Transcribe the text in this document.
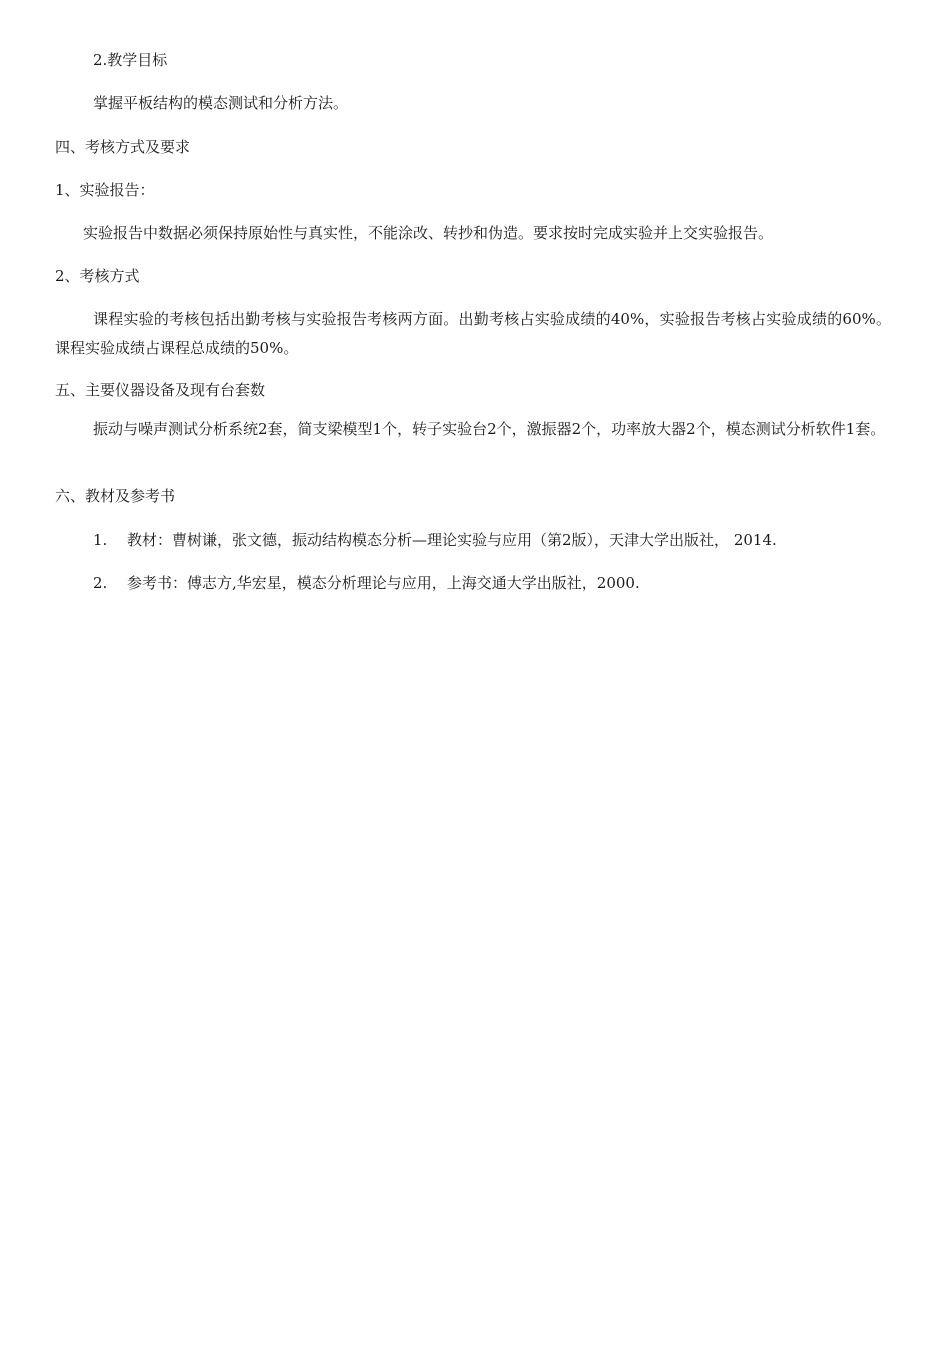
2.教学目标
掌握平板结构的模态测试和分析方法。
四、考核方式及要求
1、实验报告：
实验报告中数据必须保持原始性与真实性，不能涂改、转抄和伪造。要求按时完成实验并上交实验报告。
2、考核方式
课程实验的考核包括出勤考核与实验报告考核两方面。出勤考核占实验成绩的40%，实验报告考核占实验成绩的60%。课程实验成绩占课程总成绩的50%。
五、主要仪器设备及现有台套数
振动与噪声测试分析系统2套，简支梁模型1个，转子实验台2个，激振器2个，功率放大器2个，模态测试分析软件1套。
六、教材及参考书
1. 教材：曹树谦，张文德，振动结构模态分析—理论实验与应用（第2版），天津大学出版社， 2014.
2. 参考书：傅志方,华宏星，模态分析理论与应用，上海交通大学出版社，2000.
